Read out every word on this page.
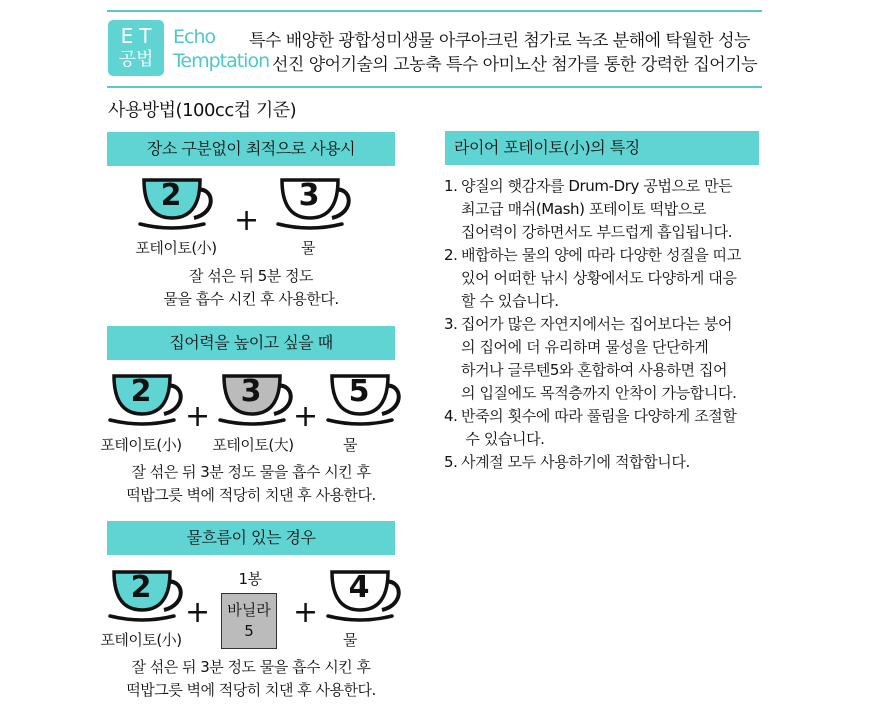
ET
공법
Echo
Temptation
특수 배양한 광합성미생물 아쿠아크린 첨가로 녹조 분해에 탁월한 성능
선진 양어기술의 고농축 특수 아미노산 첨가를 통한 강력한 집어기능
사용방법(100cc컵 기준)
장소 구분없이 최적으로 사용시
2
+
3
포테이토(小)	물
잘 섞은 뒤 5분 정도
물을 흡수 시킨 후 사용한다.
집어력을 높이고 싶을 때
2
+
3
+
5
포테이토(小) 포테이토(大)	물
잘 섞은 뒤 3분 정도 물을 흡수 시킨 후
떡밥그릇 벽에 적당히 치댄 후 사용한다.
물흐름이 있는 경우
2
+
1봉
바닐라
5
+
4
포테이토(小)	물
잘 섞은 뒤 3분 정도 물을 흡수 시킨 후
떡밥그릇 벽에 적당히 치댄 후 사용한다.
라이어 포테이토(小)의 특징
1. 양질의 햇감자를 Drum-Dry 공법으로 만든
최고급 매쉬(Mash) 포테이토 떡밥으로
집어력이 강하면서도 부드럽게 흡입됩니다.
2. 배합하는 물의 양에 따라 다양한 성질을 띠고
있어 어떠한 낚시 상황에서도 다양하게 대응
할 수 있습니다.
3. 집어가 많은 자연지에서는 집어보다는 붕어
의 집어에 더 유리하며 물성을 단단하게
하거나 글루텐5와 혼합하여 사용하면 집어
의 입질에도 목적층까지 안착이 가능합니다.
4. 반죽의 횟수에 따라 풀림을 다양하게 조절할
수 있습니다.
5. 사계절 모두 사용하기에 적합합니다.
